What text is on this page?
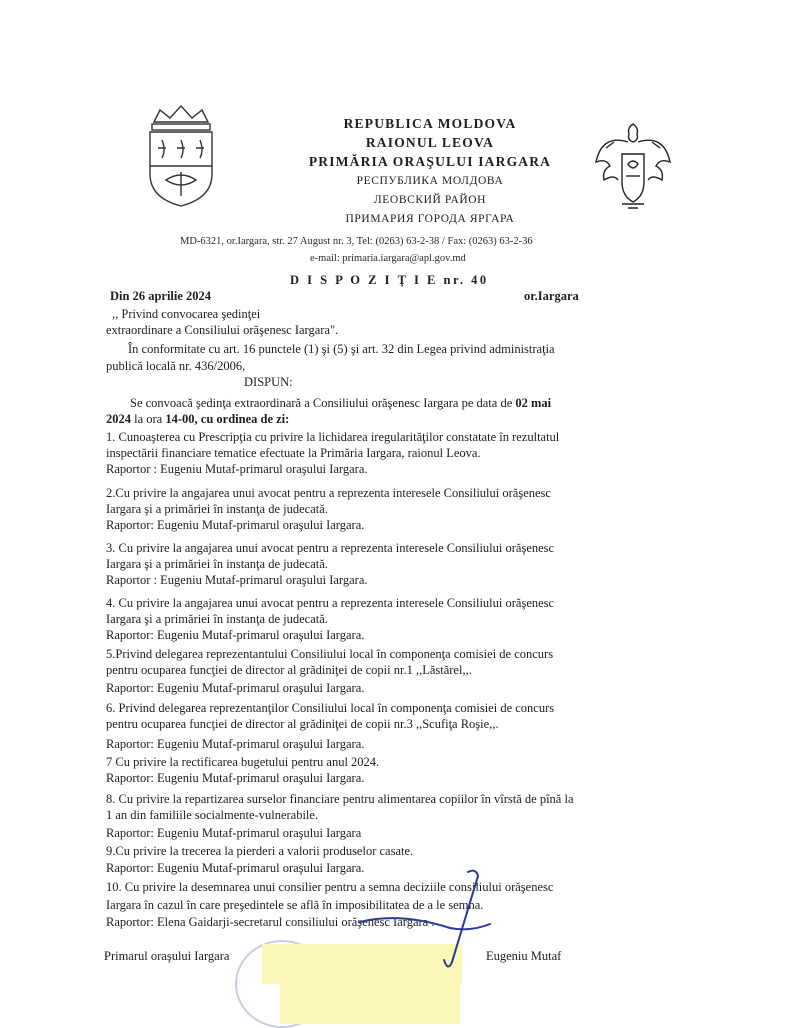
REPUBLICA MOLDOVA
RAIONUL LEOVA
PRIMĂRIA ORAŞULUI IARGARA
РЕСПУБЛИКА МОЛДОВА
ЛЕОВСКИЙ РАЙОН
ПРИМАРИЯ ГОРОДА ЯРГАРА
MD-6321, or.Iargara, str. 27 August nr. 3, Tel: (0263) 63-2-38 / Fax: (0263) 63-2-36
e-mail: primaria.iargara@apl.gov.md
D I S P O Z I Ţ I E nr. 40
Din 26 aprilie 2024	or.Iargara
,, Privind convocarea şedinţei
extraordinare a Consiliului orăşenesc Iargara".
În conformitate cu art. 16 punctele (1) şi (5) şi art. 32 din Legea privind administraţia
publică locală nr. 436/2006,
DISPUN:
Se convoacă şedinţa extraordinară a Consiliului orăşenesc Iargara pe data de 02 mai
2024 la ora 14-00, cu ordinea de zi:
1. Cunoaşterea cu Prescripţia cu privire la lichidarea iregularităţilor constatate în rezultatul
inspectării financiare tematice efectuate la Primăria Iargara, raionul Leova.
Raportor : Eugeniu Mutaf-primarul oraşului Iargara.
2.Cu privire la angajarea unui avocat pentru a reprezenta interesele Consiliului orăşenesc
Iargara şi a primăriei în instanţa de judecată.
Raportor: Eugeniu Mutaf-primarul oraşului Iargara.
3. Cu privire la angajarea unui avocat pentru a reprezenta interesele Consiliului orăşenesc
Iargara şi a primăriei în instanţa de judecată.
Raportor : Eugeniu Mutaf-primarul oraşului Iargara.
4. Cu privire la angajarea unui avocat pentru a reprezenta interesele Consiliului orăşenesc
Iargara şi a primăriei în instanţa de judecată.
Raportor: Eugeniu Mutaf-primarul oraşului Iargara.
5.Privind delegarea reprezentantului Consiliului local în componenţa comisiei de concurs
pentru ocuparea funcţiei de director al grădiniţei de copii nr.1 ,,Lăstărel,,.
Raportor: Eugeniu Mutaf-primarul oraşului Iargara.
6. Privind delegarea reprezentanţilor Consiliului local în componenţa comisiei de concurs
pentru ocuparea funcţiei de director al grădiniţei de copii nr.3 ,,Scufiţa Roşie,,.
Raportor: Eugeniu Mutaf-primarul oraşului Iargara.
7 Cu privire la rectificarea bugetului pentru anul 2024.
Raportor: Eugeniu Mutaf-primarul oraşului Iargara.
8. Cu privire la repartizarea surselor financiare pentru alimentarea copiilor în vîrstă de pînă la
1 an din familiile socialmente-vulnerabile.
Raportor: Eugeniu Mutaf-primarul oraşului Iargara
9.Cu privire la trecerea la pierderi a valorii produselor casate.
Raportor: Eugeniu Mutaf-primarul oraşului Iargara.
10. Cu privire la desemnarea unui consilier pentru a semna deciziile consiliului orăşenesc
Iargara în cazul în care preşedintele se află în imposibilitatea de a le semna.
Raportor: Elena Gaidarji-secretarul consiliului orăşenesc Iargara .
Primarul oraşului Iargara	Eugeniu Mutaf
